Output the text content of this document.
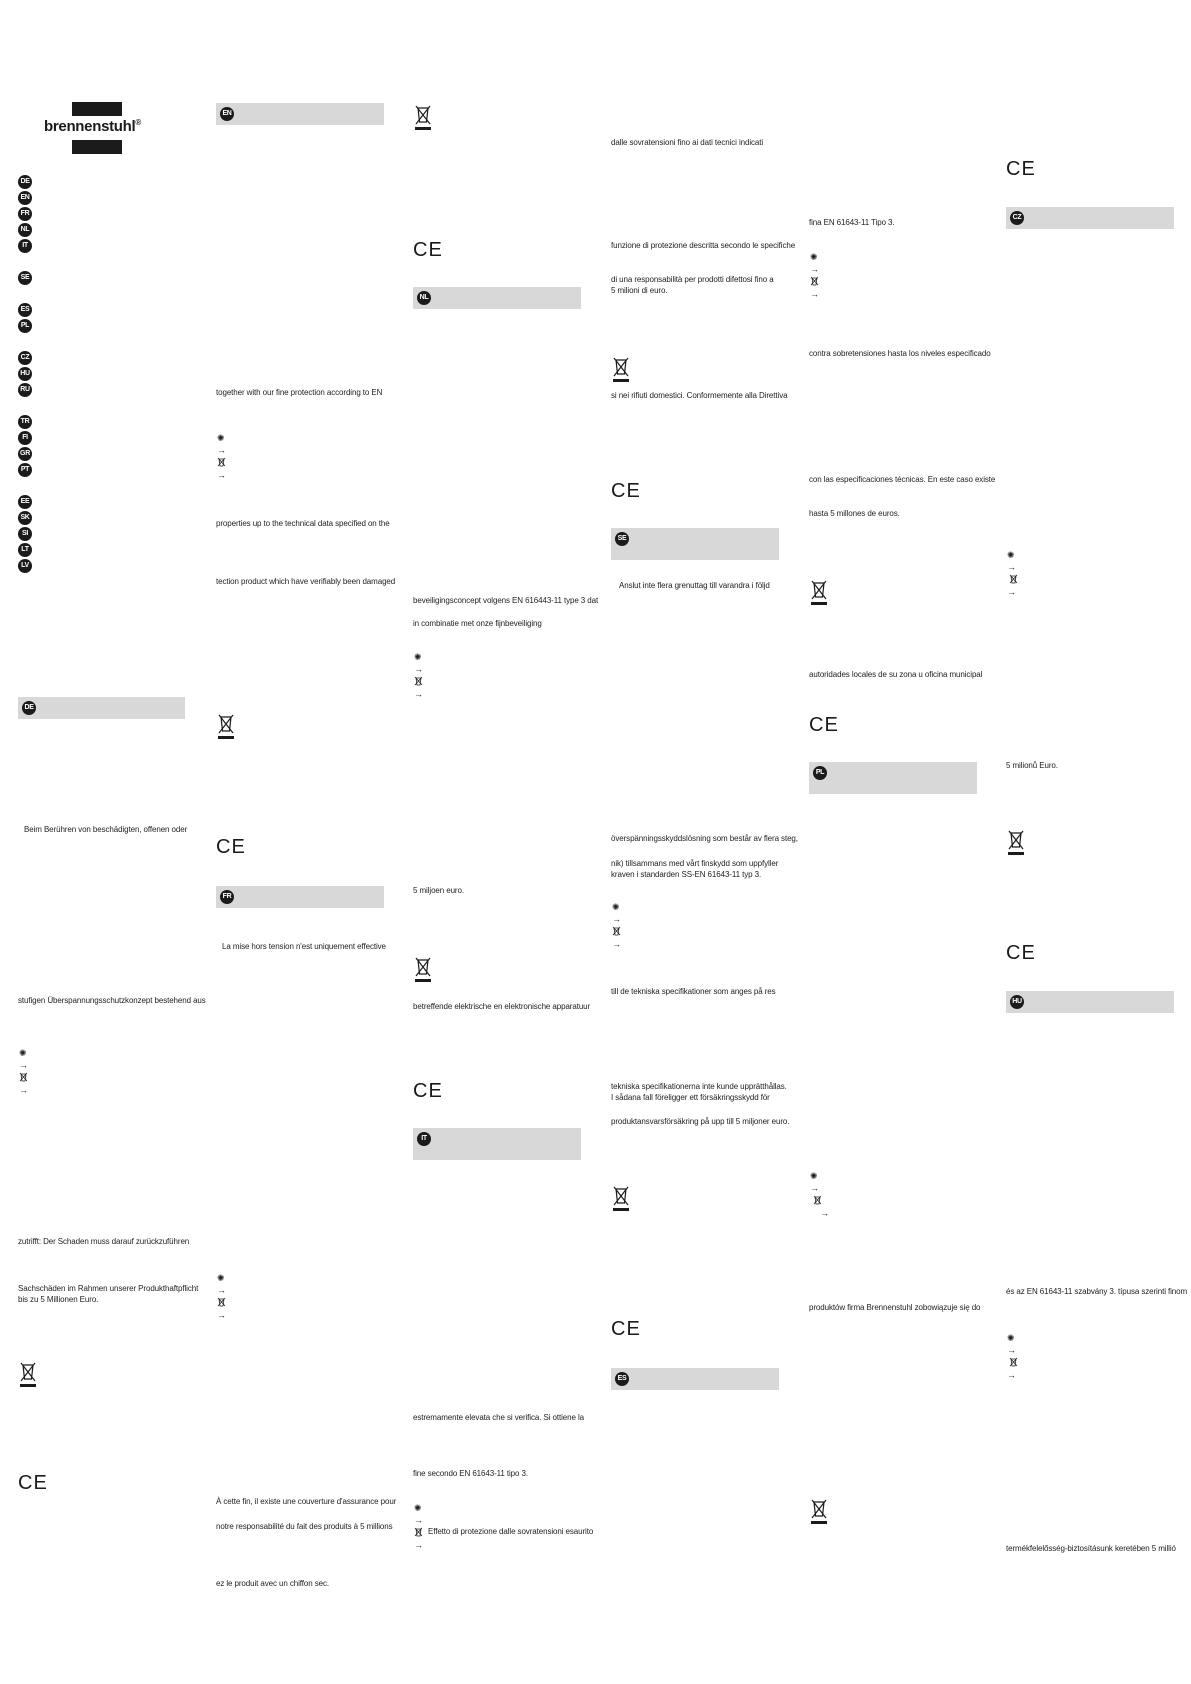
brennenstuhl®
DE
EN
FR
NL
IT
SE
ES
PL
CZ
HU
RU
TR
FI
GR
PT
EE
SK
SI
LT
LV
DE
Beim Berühren von beschädigten, offenen oder
stufigen Überspannungsschutzkonzept bestehend aus
✺
→
→
zutrifft: Der Schaden muss darauf zurückzuführen
Sachschäden im Rahmen unserer Produkthaftpflicht
bis zu 5 Millionen Euro.
CE
EN
together with our fine protection according to EN
✺
→
→
properties up to the technical data specified on the
tection product which have verifiably been damaged
CE
FR
La mise hors tension n'est uniquement effective
✺
→
→
À cette fin, il existe une couverture d'assurance pour
notre responsabilité du fait des produits à 5 millions
ez le produit avec un chiffon sec.
CE
NL
beveiligingsconcept volgens EN 616443-11 type 3 dat
in combinatie met onze fijnbeveiliging
✺
→
→
5 miljoen euro.
betreffende elektrische en elektronische apparatuur
CE
IT
estremamente elevata che si verifica. Si ottiene la
fine secondo EN 61643-11 tipo 3.
✺
→
Effetto di protezione dalle sovratensioni esaurito
→
dalle sovratensioni fino ai dati tecnici indicati
funzione di protezione descritta secondo le specifiche
di una responsabilità per prodotti difettosi fino a
5 milioni di euro.
si nei rifiuti domestici. Conformemente alla Direttiva
CE
SE
Anslut inte flera grenuttag till varandra i följd
överspänningsskyddslösning som består av flera steg,
nik) tillsammans med vårt finskydd som uppfyller
kraven i standarden SS-EN 61643-11 typ 3.
✺
→
→
till de tekniska specifikationer som anges på res
tekniska specifikationerna inte kunde upprätthållas.
I sådana fall föreligger ett försäkringsskydd för
produktansvarsförsäkring på upp till 5 miljoner euro.
CE
ES
fina EN 61643-11 Tipo 3.
✺
→
→
contra sobretensiones hasta los niveles especificado
con las especificaciones técnicas. En este caso existe
hasta 5 millones de euros.
autoridades locales de su zona u oficina municipal
CE
PL
✺
→
→
produktów firma Brennenstuhl zobowiązuje się do
CE
CZ
✺
→
→
5 milionů Euro.
CE
HU
és az EN 61643-11 szabvány 3. típusa szerinti finom
✺
→
→
termékfelelősség-biztosításunk keretében 5 millió
